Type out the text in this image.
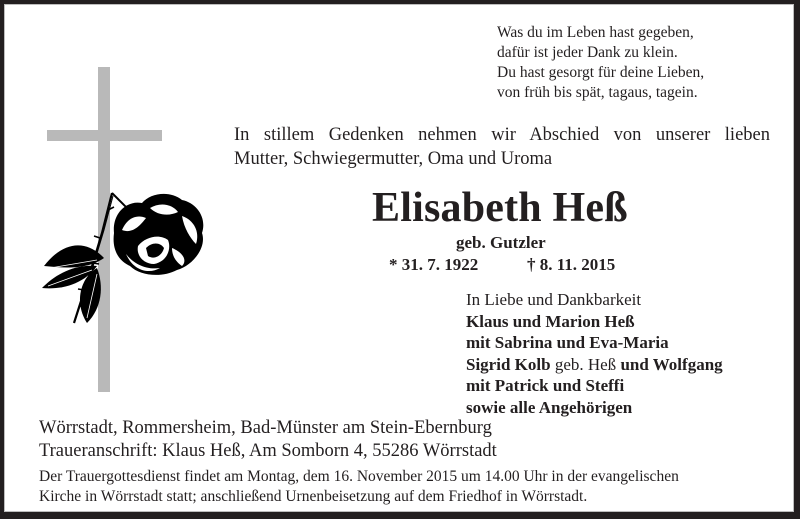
Was du im Leben hast gegeben,
dafür ist jeder Dank zu klein.
Du hast gesorgt für deine Lieben,
von früh bis spät, tagaus, tagein.
In stillem Gedenken nehmen wir Abschied von unserer lieben
Mutter, Schwiegermutter, Oma und Uroma
Elisabeth Heß
geb. Gutzler
* 31. 7. 1922	† 8. 11. 2015
In Liebe und Dankbarkeit
Klaus und Marion Heß
mit Sabrina und Eva-Maria
Sigrid Kolb geb. Heß und Wolfgang
mit Patrick und Steffi
sowie alle Angehörigen
Wörrstadt, Rommersheim, Bad-Münster am Stein-Ebernburg
Traueranschrift: Klaus Heß, Am Somborn 4, 55286 Wörrstadt
Der Trauergottesdienst findet am Montag, dem 16. November 2015 um 14.00 Uhr in der evangelischen
Kirche in Wörrstadt statt; anschließend Urnenbeisetzung auf dem Friedhof in Wörrstadt.
